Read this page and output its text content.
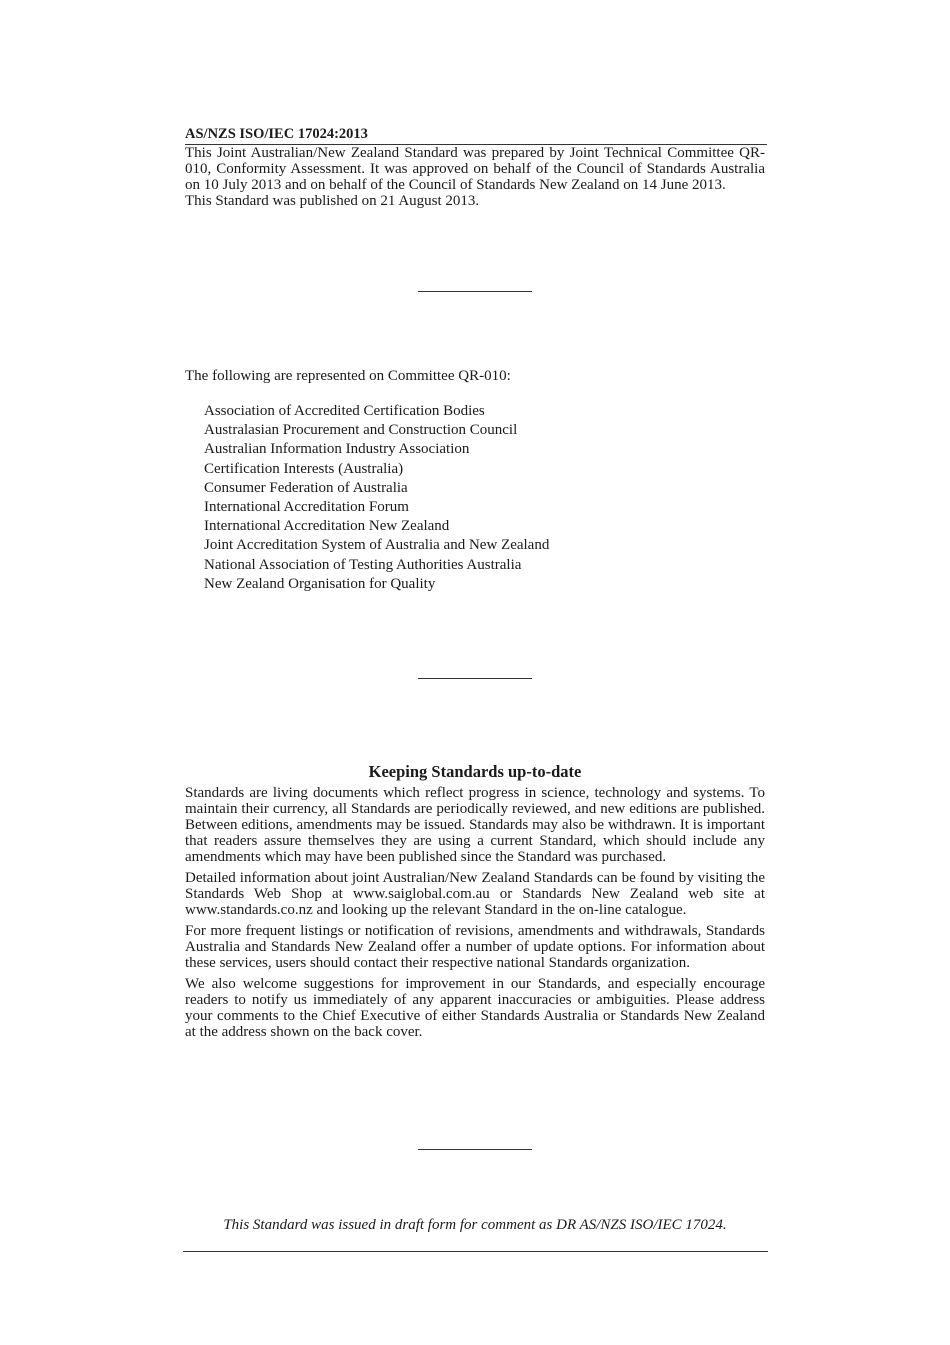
AS/NZS ISO/IEC 17024:2013

This Joint Australian/New Zealand Standard was prepared by Joint Technical Committee QR-010, Conformity Assessment. It was approved on behalf of the Council of Standards Australia on 10 July 2013 and on behalf of the Council of Standards New Zealand on 14 June 2013.

This Standard was published on 21 August 2013.

The following are represented on Committee QR-010:
Association of Accredited Certification Bodies
Australasian Procurement and Construction Council
Australian Information Industry Association
Certification Interests (Australia)
Consumer Federation of Australia
International Accreditation Forum
International Accreditation New Zealand
Joint Accreditation System of Australia and New Zealand
National Association of Testing Authorities Australia
New Zealand Organisation for Quality
Keeping Standards up-to-date

Standards are living documents which reflect progress in science, technology and systems. To maintain their currency, all Standards are periodically reviewed, and new editions are published. Between editions, amendments may be issued. Standards may also be withdrawn. It is important that readers assure themselves they are using a current Standard, which should include any amendments which may have been published since the Standard was purchased.

Detailed information about joint Australian/New Zealand Standards can be found by visiting the Standards Web Shop at www.saiglobal.com.au or Standards New Zealand web site at www.standards.co.nz and looking up the relevant Standard in the on-line catalogue.

For more frequent listings or notification of revisions, amendments and withdrawals, Standards Australia and Standards New Zealand offer a number of update options. For information about these services, users should contact their respective national Standards organization.

We also welcome suggestions for improvement in our Standards, and especially encourage readers to notify us immediately of any apparent inaccuracies or ambiguities. Please address your comments to the Chief Executive of either Standards Australia or Standards New Zealand at the address shown on the back cover.

This Standard was issued in draft form for comment as DR AS/NZS ISO/IEC 17024.
